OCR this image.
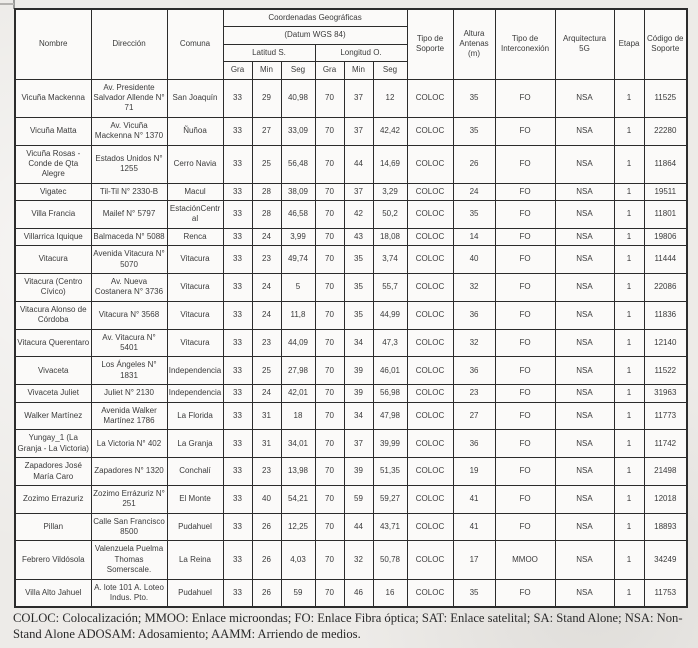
Nombre	Dirección	Comuna	Coordenadas Geográficas						Tipo de Soporte	Altura Antenas (m)	Tipo de Interconexión	Arquitectura 5G	Etapa	Código de Soporte
			(Datum WGS 84)											
			Latitud S.			Longitud O.								
			Gra	Min	Seg	Gra	Min	Seg						
Vicuña Mackenna	Av. Presidente Salvador Allende N° 71	San Joaquín	33	29	40,98	70	37	12	COLOC	35	FO	NSA	1	11525
Vicuña Matta	Av. Vicuña Mackenna N° 1370	Ñuñoa	33	27	33,09	70	37	42,42	COLOC	35	FO	NSA	1	22280
Vicuña Rosas - Conde de Qta Alegre	Estados Unidos N° 1255	Cerro Navia	33	25	56,48	70	44	14,69	COLOC	26	FO	NSA	1	11864
Vigatec	Til-Til N° 2330-B	Macul	33	28	38,09	70	37	3,29	COLOC	24	FO	NSA	1	19511
Villa Francia	Mailef N° 5797	EstaciónCentral	33	28	46,58	70	42	50,2	COLOC	35	FO	NSA	1	11801
Villarrica Iquique	Balmaceda N° 5088	Renca	33	24	3,99	70	43	18,08	COLOC	14	FO	NSA	1	19806
Vitacura	Avenida Vitacura N° 5070	Vitacura	33	23	49,74	70	35	3,74	COLOC	40	FO	NSA	1	11444
Vitacura (Centro Cívico)	Av. Nueva Costanera N° 3736	Vitacura	33	24	5	70	35	55,7	COLOC	32	FO	NSA	1	22086
Vitacura Alonso de Córdoba	Vitacura N° 3568	Vitacura	33	24	11,8	70	35	44,99	COLOC	36	FO	NSA	1	11836
Vitacura Querentaro	Av. Vitacura N° 5401	Vitacura	33	23	44,09	70	34	47,3	COLOC	32	FO	NSA	1	12140
Vivaceta	Los Ángeles N° 1831	Independencia	33	25	27,98	70	39	46,01	COLOC	36	FO	NSA	1	11522
Vivaceta Juliet	Juliet N° 2130	Independencia	33	24	42,01	70	39	56,98	COLOC	23	FO	NSA	1	31963
Walker Martínez	Avenida Walker Martínez 1786	La Florida	33	31	18	70	34	47,98	COLOC	27	FO	NSA	1	11773
Yungay_1 (La Granja - La Victoria)	La Victoria N° 402	La Granja	33	31	34,01	70	37	39,99	COLOC	36	FO	NSA	1	11742
Zapadores José María Caro	Zapadores N° 1320	Conchalí	33	23	13,98	70	39	51,35	COLOC	19	FO	NSA	1	21498
Zozimo Errazuriz	Zozimo Errázuriz N° 251	El Monte	33	40	54,21	70	59	59,27	COLOC	41	FO	NSA	1	12018
Pillan	Calle San Francisco 8500	Pudahuel	33	26	12,25	70	44	43,71	COLOC	41	FO	NSA	1	18893
Febrero Vildósola	Valenzuela Puelma Thomas Somerscale.	La Reina	33	26	4,03	70	32	50,78	COLOC	17	MMOO	NSA	1	34249
Villa Alto Jahuel	A. lote 101 A. Loteo Indus. Pto.	Pudahuel	33	26	59	70	46	16	COLOC	35	FO	NSA	1	11753

COLOC: Colocalización; MMOO: Enlace microondas; FO: Enlace Fibra óptica; SAT: Enlace satelital; SA: Stand Alone; NSA: Non-Stand Alone ADOSAM: Adosamiento; AAMM: Arriendo de medios.
